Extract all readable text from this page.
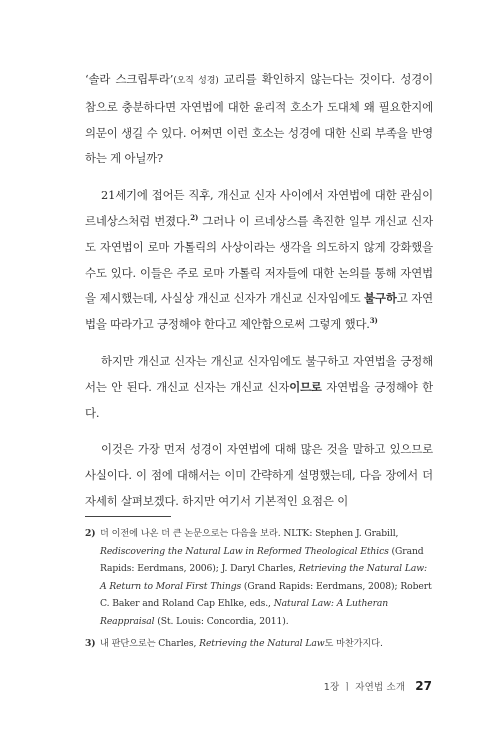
‘솔라 스크립투라’(오직 성경) 교리를 확인하지 않는다는 것이다. 성경이 참으로 충분하다면 자연법에 대한 윤리적 호소가 도대체 왜 필요한지에 의문이 생길 수 있다. 어쩌면 이런 호소는 성경에 대한 신뢰 부족을 반영하는 게 아닐까?

21세기에 접어든 직후, 개신교 신자 사이에서 자연법에 대한 관심이 르네상스처럼 번졌다.$^{2)}$ 그러나 이 르네상스를 촉진한 일부 개신교 신자도 자연법이 로마 가톨릭의 사상이라는 생각을 의도하지 않게 강화했을 수도 있다. 이들은 주로 로마 가톨릭 저자들에 대한 논의를 통해 자연법을 제시했는데, 사실상 개신교 신자가 개신교 신자임에도 불구하고 자연법을 따라가고 긍정해야 한다고 제안함으로써 그렇게 했다.$^{3)}$

하지만 개신교 신자는 개신교 신자임에도 불구하고 자연법을 긍정해서는 안 된다. 개신교 신자는 개신교 신자이므로 자연법을 긍정해야 한다.

이것은 가장 먼저 성경이 자연법에 대해 많은 것을 말하고 있으므로 사실이다. 이 점에 대해서는 이미 간략하게 설명했는데, 다음 장에서 더 자세히 살펴보겠다. 하지만 여기서 기본적인 요점은 이

2) 더 이전에 나온 더 큰 논문으로는 다음을 보라. NLTK: Stephen J. Grabill, Rediscovering the Natural Law in Reformed Theological Ethics (Grand Rapids: Eerdmans, 2006); J. Daryl Charles, Retrieving the Natural Law: A Return to Moral First Things (Grand Rapids: Eerdmans, 2008); Robert C. Baker and Roland Cap Ehlke, eds., Natural Law: A Lutheran Reappraisal (St. Louis: Concordia, 2011).
3) 내 판단으로는 Charles, Retrieving the Natural Law도 마찬가지다.
1장 ㅣ 자연법 소개 27
